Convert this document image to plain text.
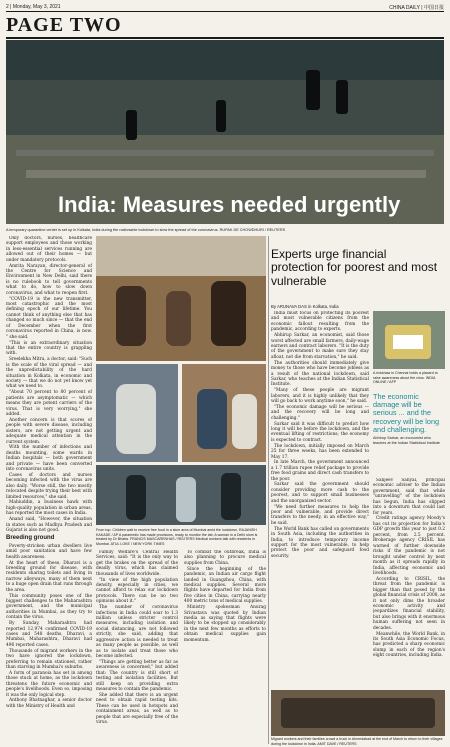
2 | Monday, May 3, 2021	CHINA DAILY | 中国日报
PAGE TWO
India: Measures needed urgently
A temporary quarantine center is set up in Kolkata, India during the nationwide lockdown to slow the spread of the coronavirus. RUPAK DE CHOWDHURI / REUTERS

Only doctors, nurses, healthcare support employees and those working in less-essential services running are allowed out of their homes — but under mandatory protocols.

Amrita Narayan, director-general of the Centre for Science and Environment in New Delhi, said there is no rulebook to tell governments what to do, how to slow down coronavirus, and what to reopen first.

"COVID-19 is the new transmitter, most catastrophic and the most defining epoch of our lifetime. You cannot think of anything else that has changed so much since — that the end of December when the first coronavirus reported in China, is now. " she said.

"This is an extraordinary situation that the entire country is grappling with.

Sreelekha Mitra, a doctor, said: "Such is the scale of the viral spread — and the unpredictability of the hard situation in Kolkata, in economic and society — that we do not yet know yet what we need to.

"About 70 percent to 80 percent of patients are asymptomatic — which means they are potent carriers of the virus. That is very worrying," she added.

Another concern is that scores of people with severe disease, including sisters, are not getting urgent and adequate medical attention in the current system.

With the number of infections and deaths mounting, some wards in Indian hospitals — both government and private — have been converted into coronavirus units.

Cases of doctors and nurses becoming infected with the virus are also daily. "Worse still, the two mostly relocated despite trying their best with limited resources," she said.

Mahiuddin, a business hawk with high-quality population in urban areas, has reported the most cases in India.

Anand said, "However, the situation in states such as Madhya Pradesh and Gujarat is also not good.

Breeding ground

Poverty-stricken urban dwellers live amid poor sanitation and have few health awareness.

At the heart of these, Dharavi is a breeding ground for disease, with residents sharing toilets and living in narrow alleyways, many of them next to a huge open drain that runs through the area.

This community poses one of the biggest challenges to the Maharashtra government, and the municipal authorities in Mumbai, as they try to contain the virus.

By Sunday, Maharashtra had reported 12,974 confirmed COVID-19 cases and 548 deaths, Dharavi, a Mumbai, Maharashtra, Dharavi had 496 reported cases.

Thousands of migrant workers in the two have ignored the lockdown, preferring to remain stationed, rather than starving in Mumbai's suburbs.

A form of paranoia has set in among those stuck at home, as the lockdown threatens the future economic and people's livelihoods. Even so, imposing it was the only logical step.

Anthony Bhatnaghar, a senior doctor with the Ministry of Health and

From top: Children wait to receive free food in a slum area of Mumbai amid the lockdown. RAJANISH KAKADE / AP A paramedic has made provisions, ready to monitor the lab; A woman in a Delhi slum is treated by Dr Bhatia. FRANCIS MASCARENHAS / REUTERS Medical workers talk with residents in Mumbai. ATUL LOKE / NEW YORK TIMES

Family Welfare's Central Health Services, said: "It is the only way to get the brakes on the spread of the deadly virus, which has claimed thousands of lives worldwide.

"In view of the high population density, especially in cities, we cannot afford to relax our lockdown protocols. There can be no two opinions about it."

The number of coronavirus infections in India could soar to 1.3 million unless stricter control measures, including isolation and social distancing, are not followed strictly, she said, adding that aggressive action is needed to treat as many people as possible, as well as to isolate and treat those who become infected.

"Things are getting better as far as awareness is concerned," but added that: The country is still short of testing and isolation facilities. But still keep on providing extra measures to contain the pandemic.

She added that there is an urgent need to obtain rapid testing kits. These can be used in hotspots and containment areas, as well as to people that are especially free of the virus.

To combat the outbreak, India is also planning to procure medical supplies from China.

Since the beginning of the pandemic, an Indian air cargo flight landed in Guangzhou, China, with medical supplies. Several more flights have departed for India from five cities in China, carrying nearly 400 metric tons of medical supplies.

Ministry spokesman Anurag Srivastava was quoted by Indian media as saying that flights were likely to be stopped up considerably in the next few months as efforts to obtain medical supplies gain momentum.

Experts urge financial protection for poorest and most vulnerable
By ARUNAVA DAS in Kolkata, India

India must focus on protecting its poorest and most vulnerable citizens from the economic fallout resulting from the pandemic, according to experts.

Abhirup Sarkar, an economist, said those worst affected are small farmers, daily-wage earners and contract laborers. "It is the duty of the government to make sure they stay afloat, not die from starvation," he said.

The authorities should immediately give money to those who have become jobless as a result of the national lockdown, said Sarkar, who teaches at the Indian Statistical Institute.

"Many of these people are migrant laborers, and it is highly unlikely that they will go back to work anytime soon," he said.

"The economic damage will be serious — and the recovery will be long and challenging."

Sarkar said it was difficult to predict how long it will be before the lockdown, and the eventual lifting of restrictions; the economy is expected to contract.

The lockdown, initially imposed on March 25 for three weeks, has been extended to May 17.

In late March, the government announced a 1.7 trillion rupee relief package to provide free food grains and direct cash transfers to the poor.

Sarkar said the government should consider providing more cash to the poorest, and to support small businesses and the unorganized sector.

"We need further measures to help the poor and vulnerable, and provide direct transfers to the needy, in an effective way," he said.

The World Bank has called on governments in South Asia, including the authorities in India, to introduce temporary income support for the most vulnerable, to help protect the poor and safeguard food security.

A rickshaw in Chennai holds a placard to raise awareness about the virus. INDIA ONLINE / AFP
The economic damage will be serious ... and the recovery will be long and challenging.
Abhirup Sarkar, an economist who teaches at the Indian Statistical Institute

Sanjeev Sanyal, principal economic adviser to the Indian government, said that while "unravelling" of the lockdown has begun, India has slipped into a downturn that could last for years.

Credit ratings agency Moody's has cut its projection for India's GDP growth this year to just 0.2 percent, from 2.5 percent. Brokerage agency CRISIL has warned of further downside risks if the pandemic is not brought under control by next month as it spreads rapidly in India, affecting economic and livelihoods.

According to CRISIL, the threat from the pandemic is bigger than that posed by the global financial crisis of 2008, as it not only dims the broader economic activity and jeopardizes financial stability, but also brings with it enormous human suffering not seen in decades.

Meanwhile, the World Bank, in its South Asia Economic Focus, has predicted a sharp economic slump in each of the region's eight countries, including India.

Migrant workers and their families crowd a truck in Ahmedabad at the end of March to return to their villages during the lockdown in India. AMIT DAVE / REUTERS
